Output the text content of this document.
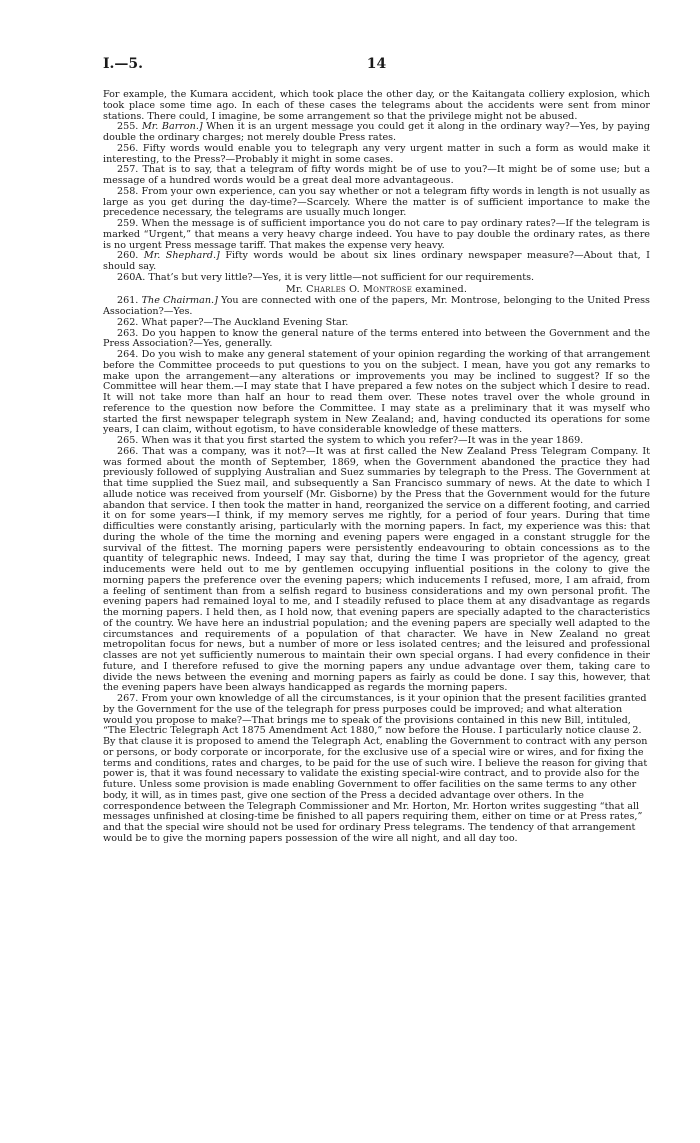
I.—5.	14

For example, the Kumara accident, which took place the other day, or the Kaitangata colliery explosion, which took place some time ago. In each of these cases the telegrams about the accidents were sent from minor stations. There could, I imagine, be some arrangement so that the privilege might not be abused.

255. Mr. Barron.] When it is an urgent message you could get it along in the ordinary way?—Yes, by paying double the ordinary charges; not merely double Press rates.

256. Fifty words would enable you to telegraph any very urgent matter in such a form as would make it interesting, to the Press?—Probably it might in some cases.

257. That is to say, that a telegram of fifty words might be of use to you?—It might be of some use; but a message of a hundred words would be a great deal more advantageous.

258. From your own experience, can you say whether or not a telegram fifty words in length is not usually as large as you get during the day-time?—Scarcely. Where the matter is of sufficient importance to make the precedence necessary, the telegrams are usually much longer.

259. When the message is of sufficient importance you do not care to pay ordinary rates?—If the telegram is marked “Urgent,” that means a very heavy charge indeed. You have to pay double the ordinary rates, as there is no urgent Press message tariff. That makes the expense very heavy.

260. Mr. Shephard.] Fifty words would be about six lines ordinary newspaper measure?—About that, I should say.

260A. That’s but very little?—Yes, it is very little—not sufficient for our requirements.

Mr. Charles O. Montrose examined.

261. The Chairman.] You are connected with one of the papers, Mr. Montrose, belonging to the United Press Association?—Yes.

262. What paper?—The Auckland Evening Star.

263. Do you happen to know the general nature of the terms entered into between the Government and the Press Association?—Yes, generally.

264. Do you wish to make any general statement of your opinion regarding the working of that arrangement before the Committee proceeds to put questions to you on the subject. I mean, have you got any remarks to make upon the arrangement—any alterations or improvements you may be inclined to suggest? If so the Committee will hear them.—I may state that I have prepared a few notes on the subject which I desire to read. It will not take more than half an hour to read them over. These notes travel over the whole ground in reference to the question now before the Committee. I may state as a preliminary that it was myself who started the first newspaper telegraph system in New Zealand; and, having conducted its operations for some years, I can claim, without egotism, to have considerable knowledge of these matters.

265. When was it that you first started the system to which you refer?—It was in the year 1869.

266. That was a company, was it not?—It was at first called the New Zealand Press Telegram Company. It was formed about the month of September, 1869, when the Government abandoned the practice they had previously followed of supplying Australian and Suez summaries by telegraph to the Press. The Government at that time supplied the Suez mail, and subsequently a San Francisco summary of news. At the date to which I allude notice was received from yourself (Mr. Gisborne) by the Press that the Government would for the future abandon that service. I then took the matter in hand, reorganized the service on a different footing, and carried it on for some years—I think, if my memory serves me rightly, for a period of four years. During that time difficulties were constantly arising, particularly with the morning papers. In fact, my experience was this: that during the whole of the time the morning and evening papers were engaged in a constant struggle for the survival of the fittest. The morning papers were persistently endeavouring to obtain concessions as to the quantity of telegraphic news. Indeed, I may say that, during the time I was proprietor of the agency, great inducements were held out to me by gentlemen occupying influential positions in the colony to give the morning papers the preference over the evening papers; which inducements I refused, more, I am afraid, from a feeling of sentiment than from a selfish regard to business considerations and my own personal profit. The evening papers had remained loyal to me, and I steadily refused to place them at any disadvantage as regards the morning papers. I held then, as I hold now, that evening papers are specially adapted to the characteristics of the country. We have here an industrial population; and the evening papers are specially well adapted to the circumstances and requirements of a population of that character. We have in New Zealand no great metropolitan focus for news, but a number of more or less isolated centres; and the leisured and professional classes are not yet sufficiently numerous to maintain their own special organs. I had every confidence in their future, and I therefore refused to give the morning papers any undue advantage over them, taking care to divide the news between the evening and morning papers as fairly as could be done. I say this, however, that the evening papers have been always handicapped as regards the morning papers.

267. From your own knowledge of all the circumstances, is it your opinion that the present facilities granted by the Government for the use of the telegraph for press purposes could be improved; and what alteration would you propose to make?—That brings me to speak of the provisions contained in this new Bill, intituled, “The Electric Telegraph Act 1875 Amendment Act 1880,” now before the House. I particularly notice clause 2. By that clause it is proposed to amend the Telegraph Act, enabling the Government to contract with any person or persons, or body corporate or incorporate, for the exclusive use of a special wire or wires, and for fixing the terms and conditions, rates and charges, to be paid for the use of such wire. I believe the reason for giving that power is, that it was found necessary to validate the existing special-wire contract, and to provide also for the future. Unless some provision is made enabling Government to offer facilities on the same terms to any other body, it will, as in times past, give one section of the Press a decided advantage over others. In the correspondence between the Telegraph Commissioner and Mr. Horton, Mr. Horton writes suggesting “that all messages unfinished at closing-time be finished to all papers requiring them, either on time or at Press rates,” and that the special wire should not be used for ordinary Press telegrams. The tendency of that arrangement would be to give the morning papers possession of the wire all night, and all day too.
